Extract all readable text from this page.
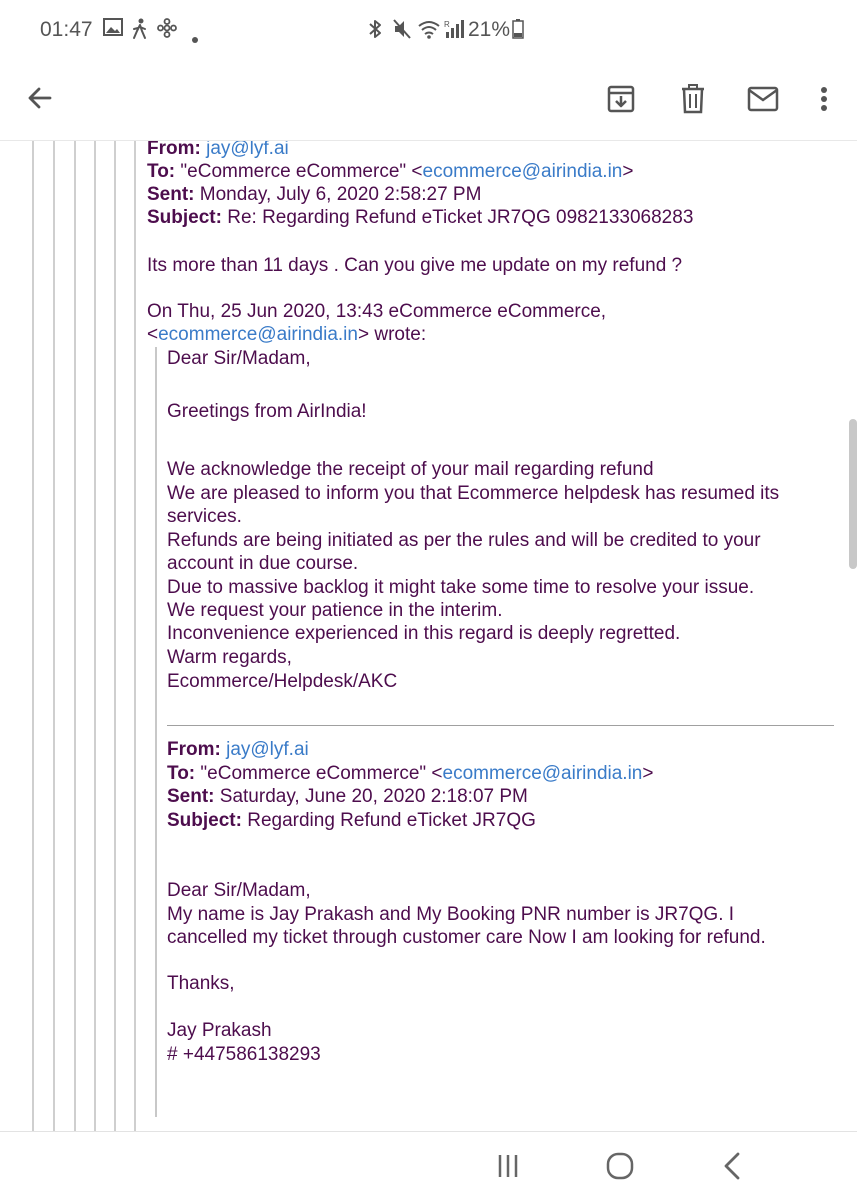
01:47	R 21%
From: jay@lyf.ai
To: "eCommerce eCommerce" <ecommerce@airindia.in>
Sent: Monday, July 6, 2020 2:58:27 PM
Subject: Re: Regarding Refund eTicket JR7QG 0982133068283
Its more than 11 days . Can you give me update on my refund ?
On Thu, 25 Jun 2020, 13:43 eCommerce eCommerce,
<ecommerce@airindia.in> wrote:
Dear Sir/Madam,
Greetings from AirIndia!
We acknowledge the receipt of your mail regarding refund
We are pleased to inform you that Ecommerce helpdesk has resumed its
services.
Refunds are being initiated as per the rules and will be credited to your
account in due course.
Due to massive backlog it might take some time to resolve your issue.
We request your patience in the interim.
Inconvenience experienced in this regard is deeply regretted.
Warm regards,
Ecommerce/Helpdesk/AKC
From: jay@lyf.ai
To: "eCommerce eCommerce" <ecommerce@airindia.in>
Sent: Saturday, June 20, 2020 2:18:07 PM
Subject: Regarding Refund eTicket JR7QG
Dear Sir/Madam,
My name is Jay Prakash and My Booking PNR number is JR7QG. I
cancelled my ticket through customer care Now I am looking for refund.
Thanks,
Jay Prakash
# +447586138293
